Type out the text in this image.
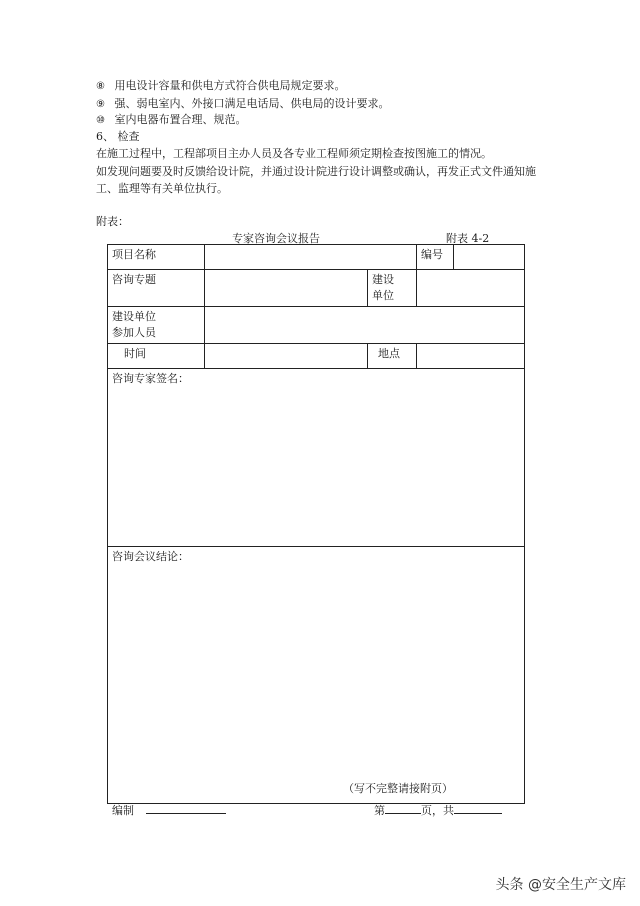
⑧ 用电设计容量和供电方式符合供电局规定要求。
⑨ 强、弱电室内、外接口满足电话局、供电局的设计要求。
⑩ 室内电器布置合理、规范。
6、 检查
在施工过程中，工程部项目主办人员及各专业工程师须定期检查按图施工的情况。
如发现问题要及时反馈给设计院，并通过设计院进行设计调整或确认，再发正式文件通知施
工、监理等有关单位执行。
附表：
专家咨询会议报告	附表 4-2
项目名称			编号	
咨询专题		建设
单位		

建设单位
参加人员				

时间		地点		
咨询专家签名：				
咨询会议结论：
（写不完整请接附页）				
编制	第	页，共
头条 @安全生产文库
